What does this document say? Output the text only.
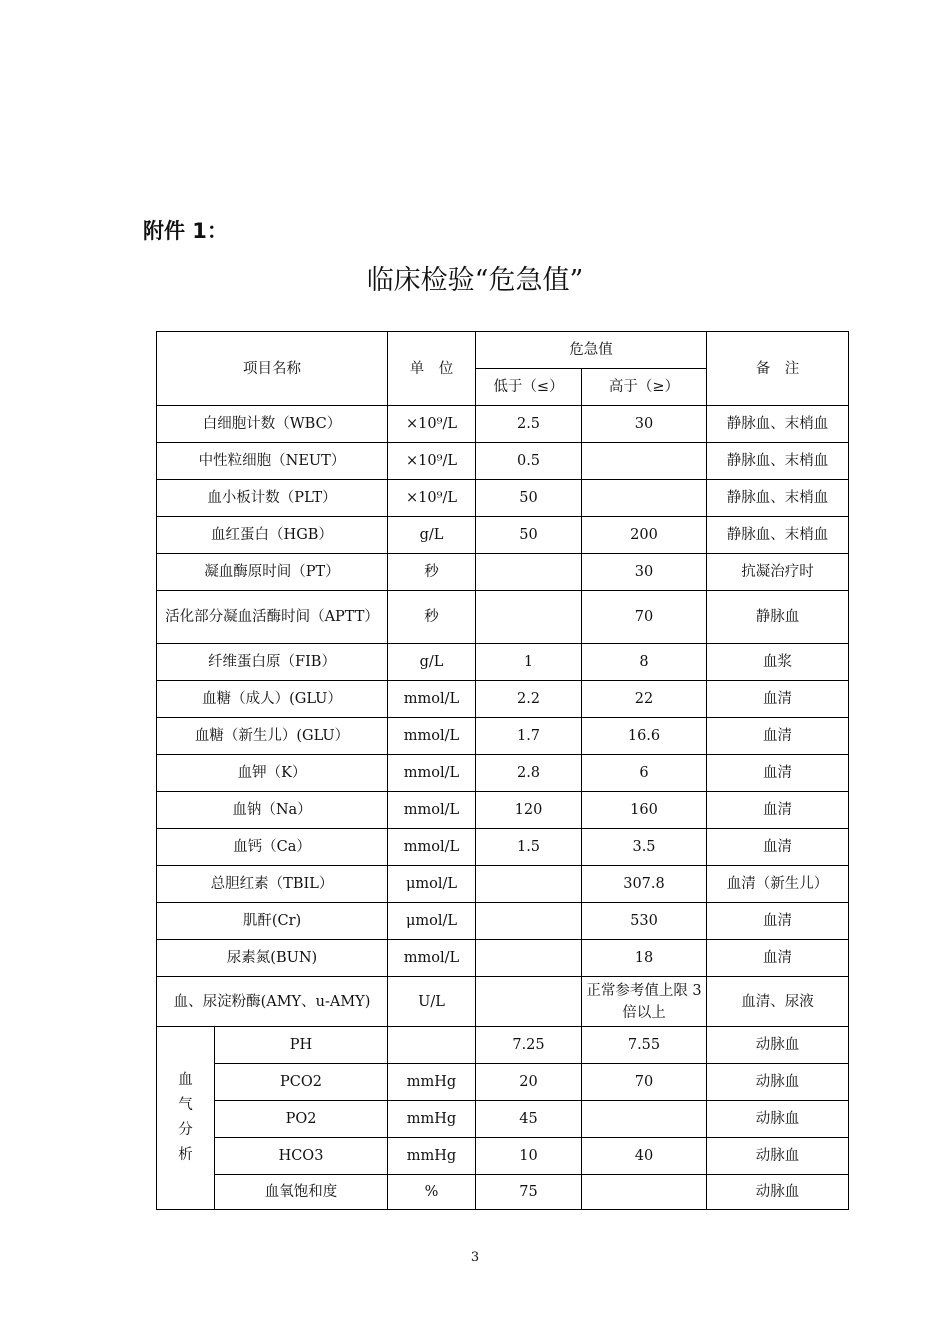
附件 1：
临床检验“危急值”
项目名称		单　位	危急值		备　注
			低于（≤）	高于（≥）	
白细胞计数（WBC）		×10⁹/L	2.5	30	静脉血、末梢血
中性粒细胞（NEUT）		×10⁹/L	0.5		静脉血、末梢血
血小板计数（PLT）		×10⁹/L	50		静脉血、末梢血
血红蛋白（HGB）		g/L	50	200	静脉血、末梢血
凝血酶原时间（PT）		秒		30	抗凝治疗时
活化部分凝血活酶时间（APTT）		秒		70	静脉血
纤维蛋白原（FIB）		g/L	1	8	血浆
血糖（成人）(GLU）		mmol/L	2.2	22	血清
血糖（新生儿）(GLU）		mmol/L	1.7	16.6	血清
血钾（K）		mmol/L	2.8	6	血清
血钠（Na）		mmol/L	120	160	血清
血钙（Ca）		mmol/L	1.5	3.5	血清
总胆红素（TBIL）		μmol/L		307.8	血清（新生儿）
肌酐(Cr)		μmol/L		530	血清
尿素氮(BUN)		mmol/L		18	血清
血、尿淀粉酶(AMY、u-AMY)		U/L		正常参考值上限 3 倍以上	血清、尿液
血
气
分
析	PH		7.25	7.55	动脉血
	PCO2	mmHg	20	70	动脉血
	PO2	mmHg	45		动脉血
	HCO3	mmHg	10	40	动脉血
	血氧饱和度	%	75		动脉血
3
